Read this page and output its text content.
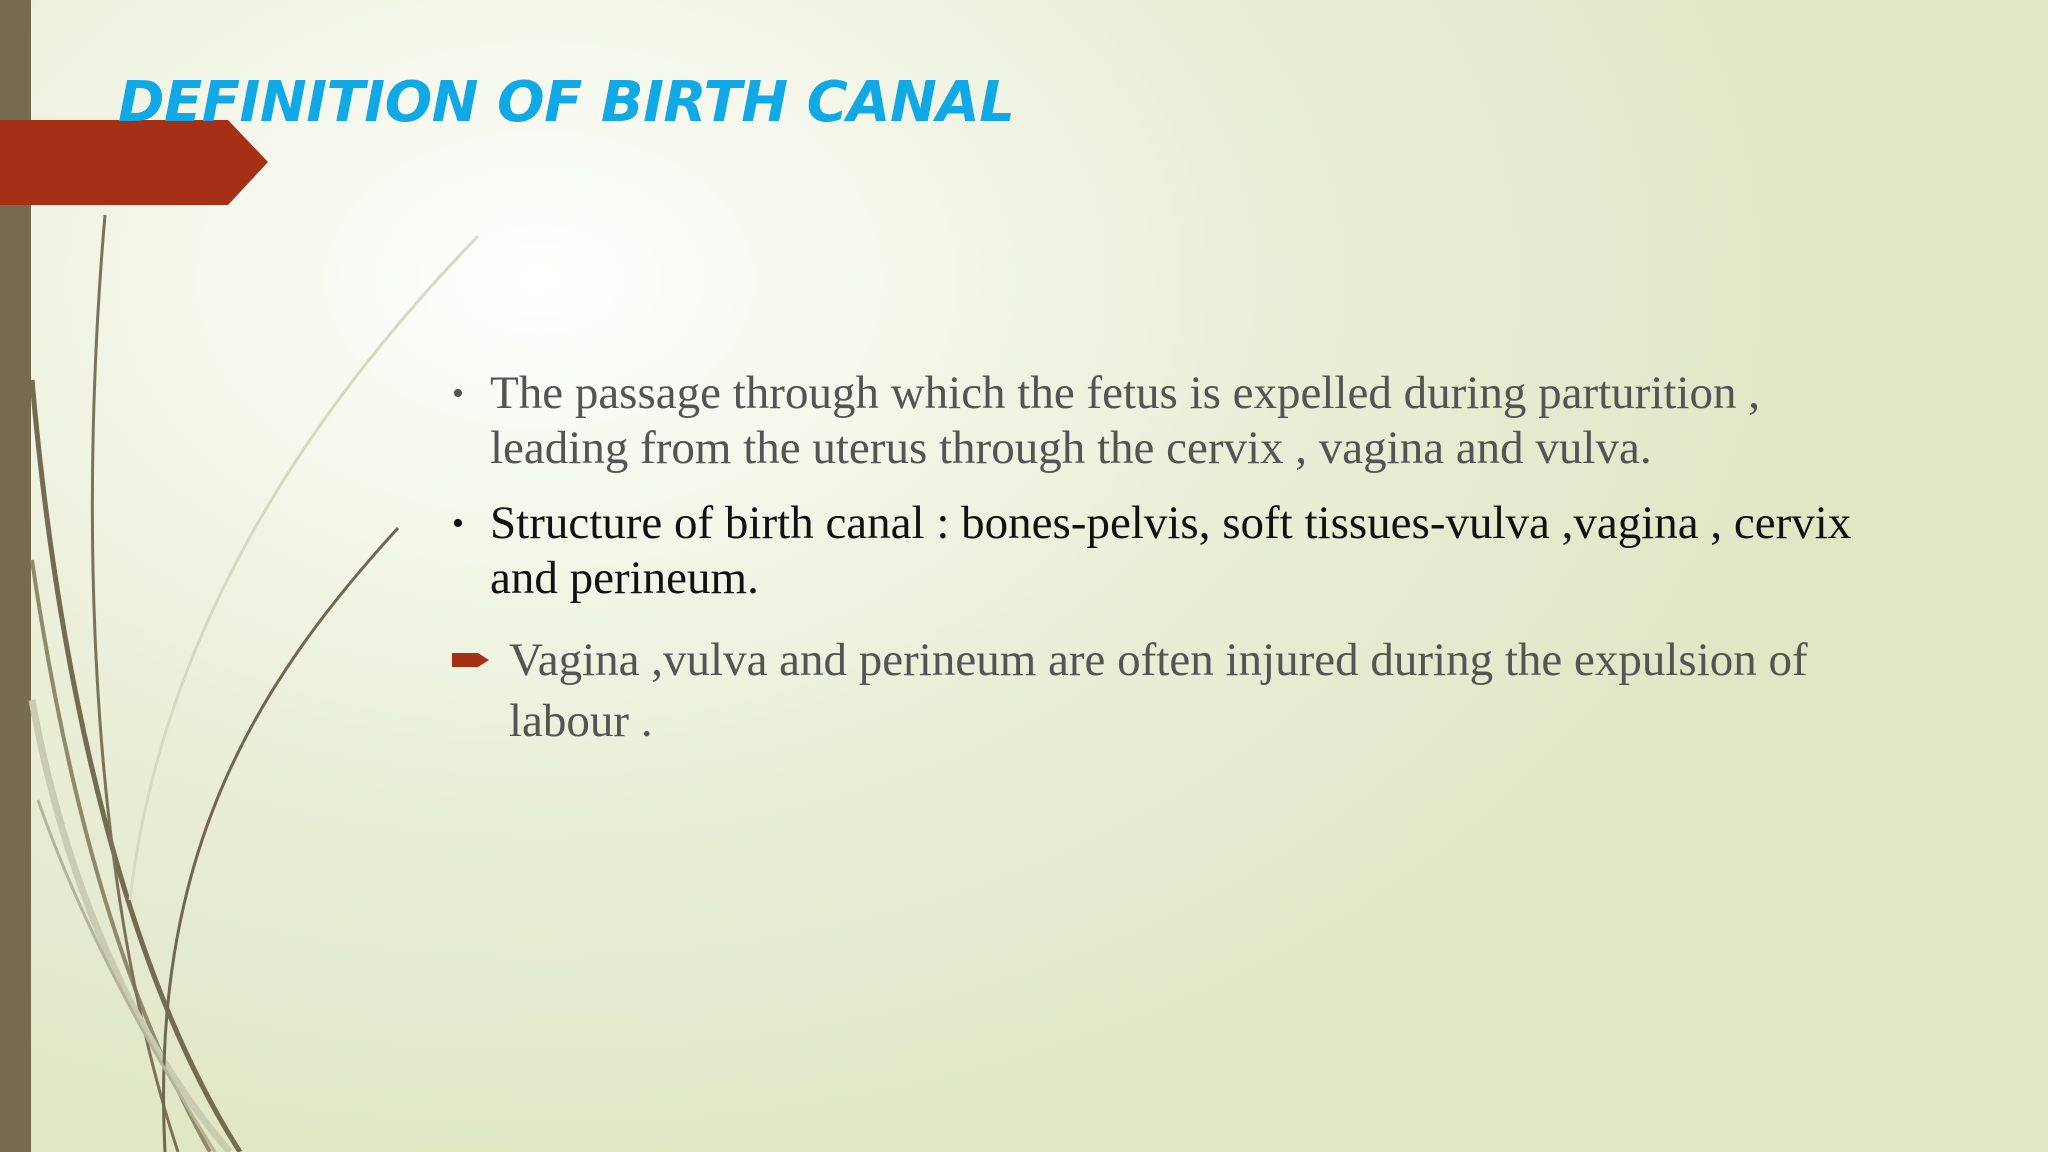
DEFINITION OF BIRTH CANAL
• The passage through which the fetus is expelled during parturition , leading from the uterus through the cervix , vagina and vulva.
• Structure of birth canal : bones-pelvis, soft tissues-vulva ,vagina , cervix and perineum.
Vagina ,vulva and perineum are often injured during the expulsion of labour .
